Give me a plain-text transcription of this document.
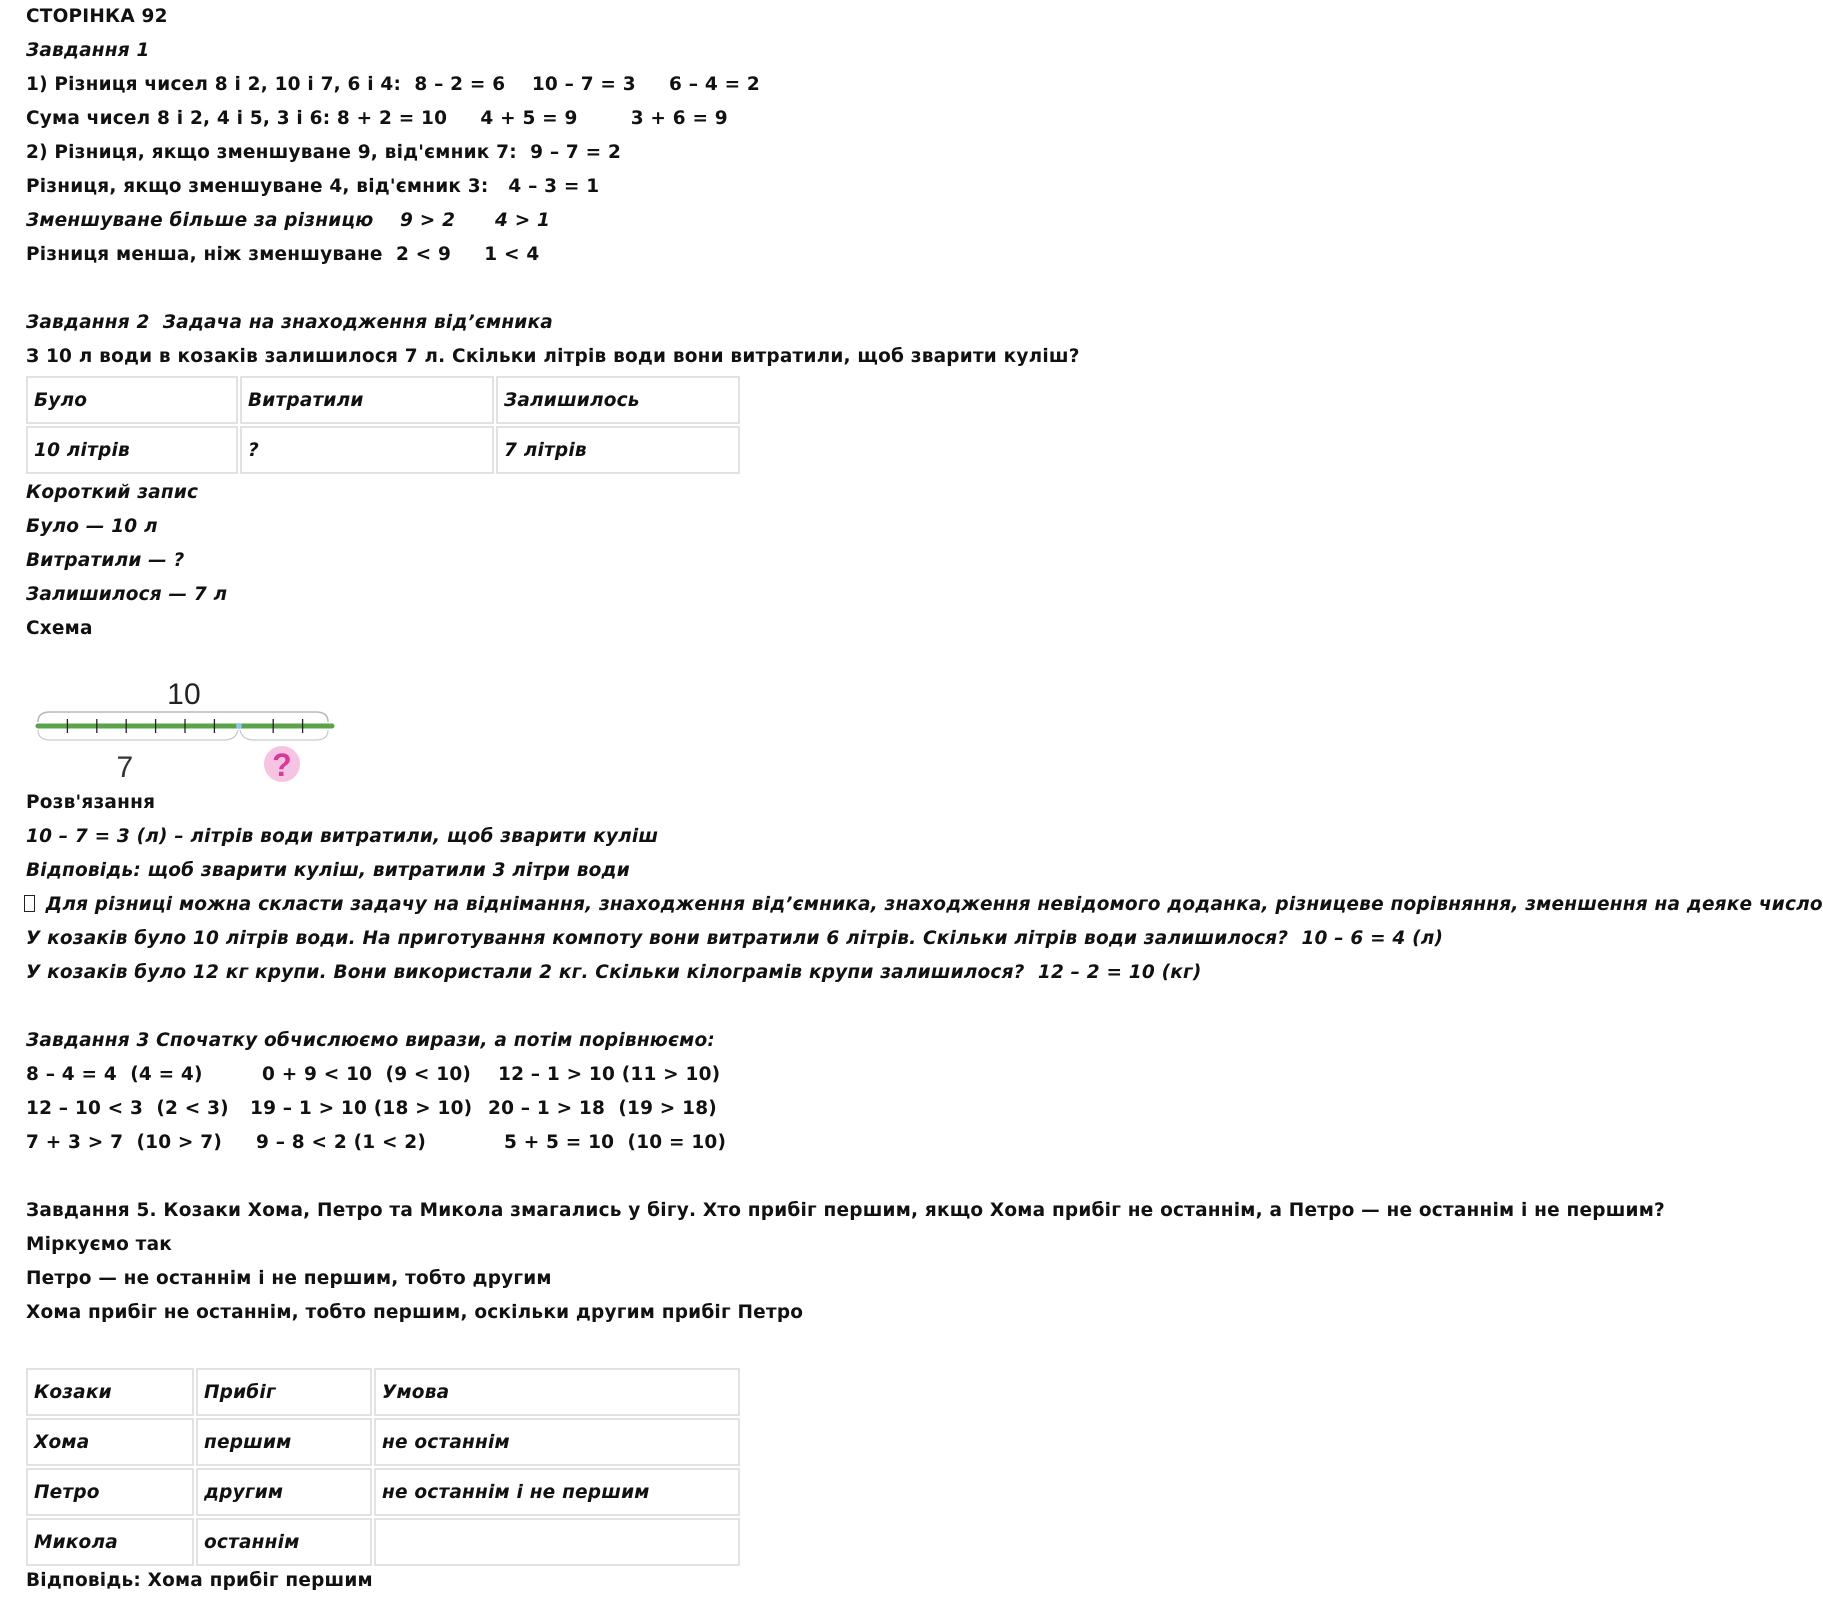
СТОРІНКА 92
Завдання 1
1) Різниця чисел 8 і 2, 10 і 7, 6 і 4:  8 – 2 = 6    10 – 7 = 3     6 – 4 = 2
Сума чисел 8 і 2, 4 і 5, 3 і 6: 8 + 2 = 10     4 + 5 = 9        3 + 6 = 9
2) Різниця, якщо зменшуване 9, від'ємник 7:  9 – 7 = 2
Різниця, якщо зменшуване 4, від'ємник 3:   4 – 3 = 1
Зменшуване більше за різницю    9 > 2      4 > 1
Різниця менша, ніж зменшуване  2 < 9     1 < 4
Завдання 2  Задача на знаходження від’ємника
З 10 л води в козаків залишилося 7 л. Скільки літрів води вони витратили, щоб зварити куліш?
Було	Витратили	Залишилось
10 літрів	?	7 літрів
Короткий запис
Було — 10 л
Витратили — ?
Залишилося — 7 л
Схема
10
7	?
Розв'язання
10 – 7 = 3 (л) – літрів води витратили, щоб зварити куліш
Відповідь: щоб зварити куліш, витратили 3 літри води
Для різниці можна скласти задачу на віднімання, знаходження від’ємника, знаходження невідомого доданка, різницеве порівняння, зменшення на деяке число
У козаків було 10 літрів води. На приготування компоту вони витратили 6 літрів. Скільки літрів води залишилося?  10 – 6 = 4 (л)
У козаків було 12 кг крупи. Вони використали 2 кг. Скільки кілограмів крупи залишилося?  12 – 2 = 10 (кг)
Завдання 3 Спочатку обчислюємо вирази, а потім порівнюємо:
8 – 4 = 4  (4 = 4)	0 + 9 < 10  (9 < 10) 12 – 1 > 10 (11 > 10)
12 – 10 < 3  (2 < 3) 19 – 1 > 10 (18 > 10) 20 – 1 > 18  (19 > 18)
7 + 3 > 7  (10 > 7) 9 – 8 < 2 (1 < 2)	5 + 5 = 10  (10 = 10)
Завдання 5. Козаки Хома, Петро та Микола змагались у бігу. Хто прибіг першим, якщо Хома прибіг не останнім, а Петро — не останнім і не першим?
Міркуємо так
Петро — не останнім і не першим, тобто другим
Хома прибіг не останнім, тобто першим, оскільки другим прибіг Петро
Козаки	Прибіг	Умова
Хома	першим	не останнім
Петро	другим	не останнім і не першим
Микола	останнім	
Відповідь: Хома прибіг першим
